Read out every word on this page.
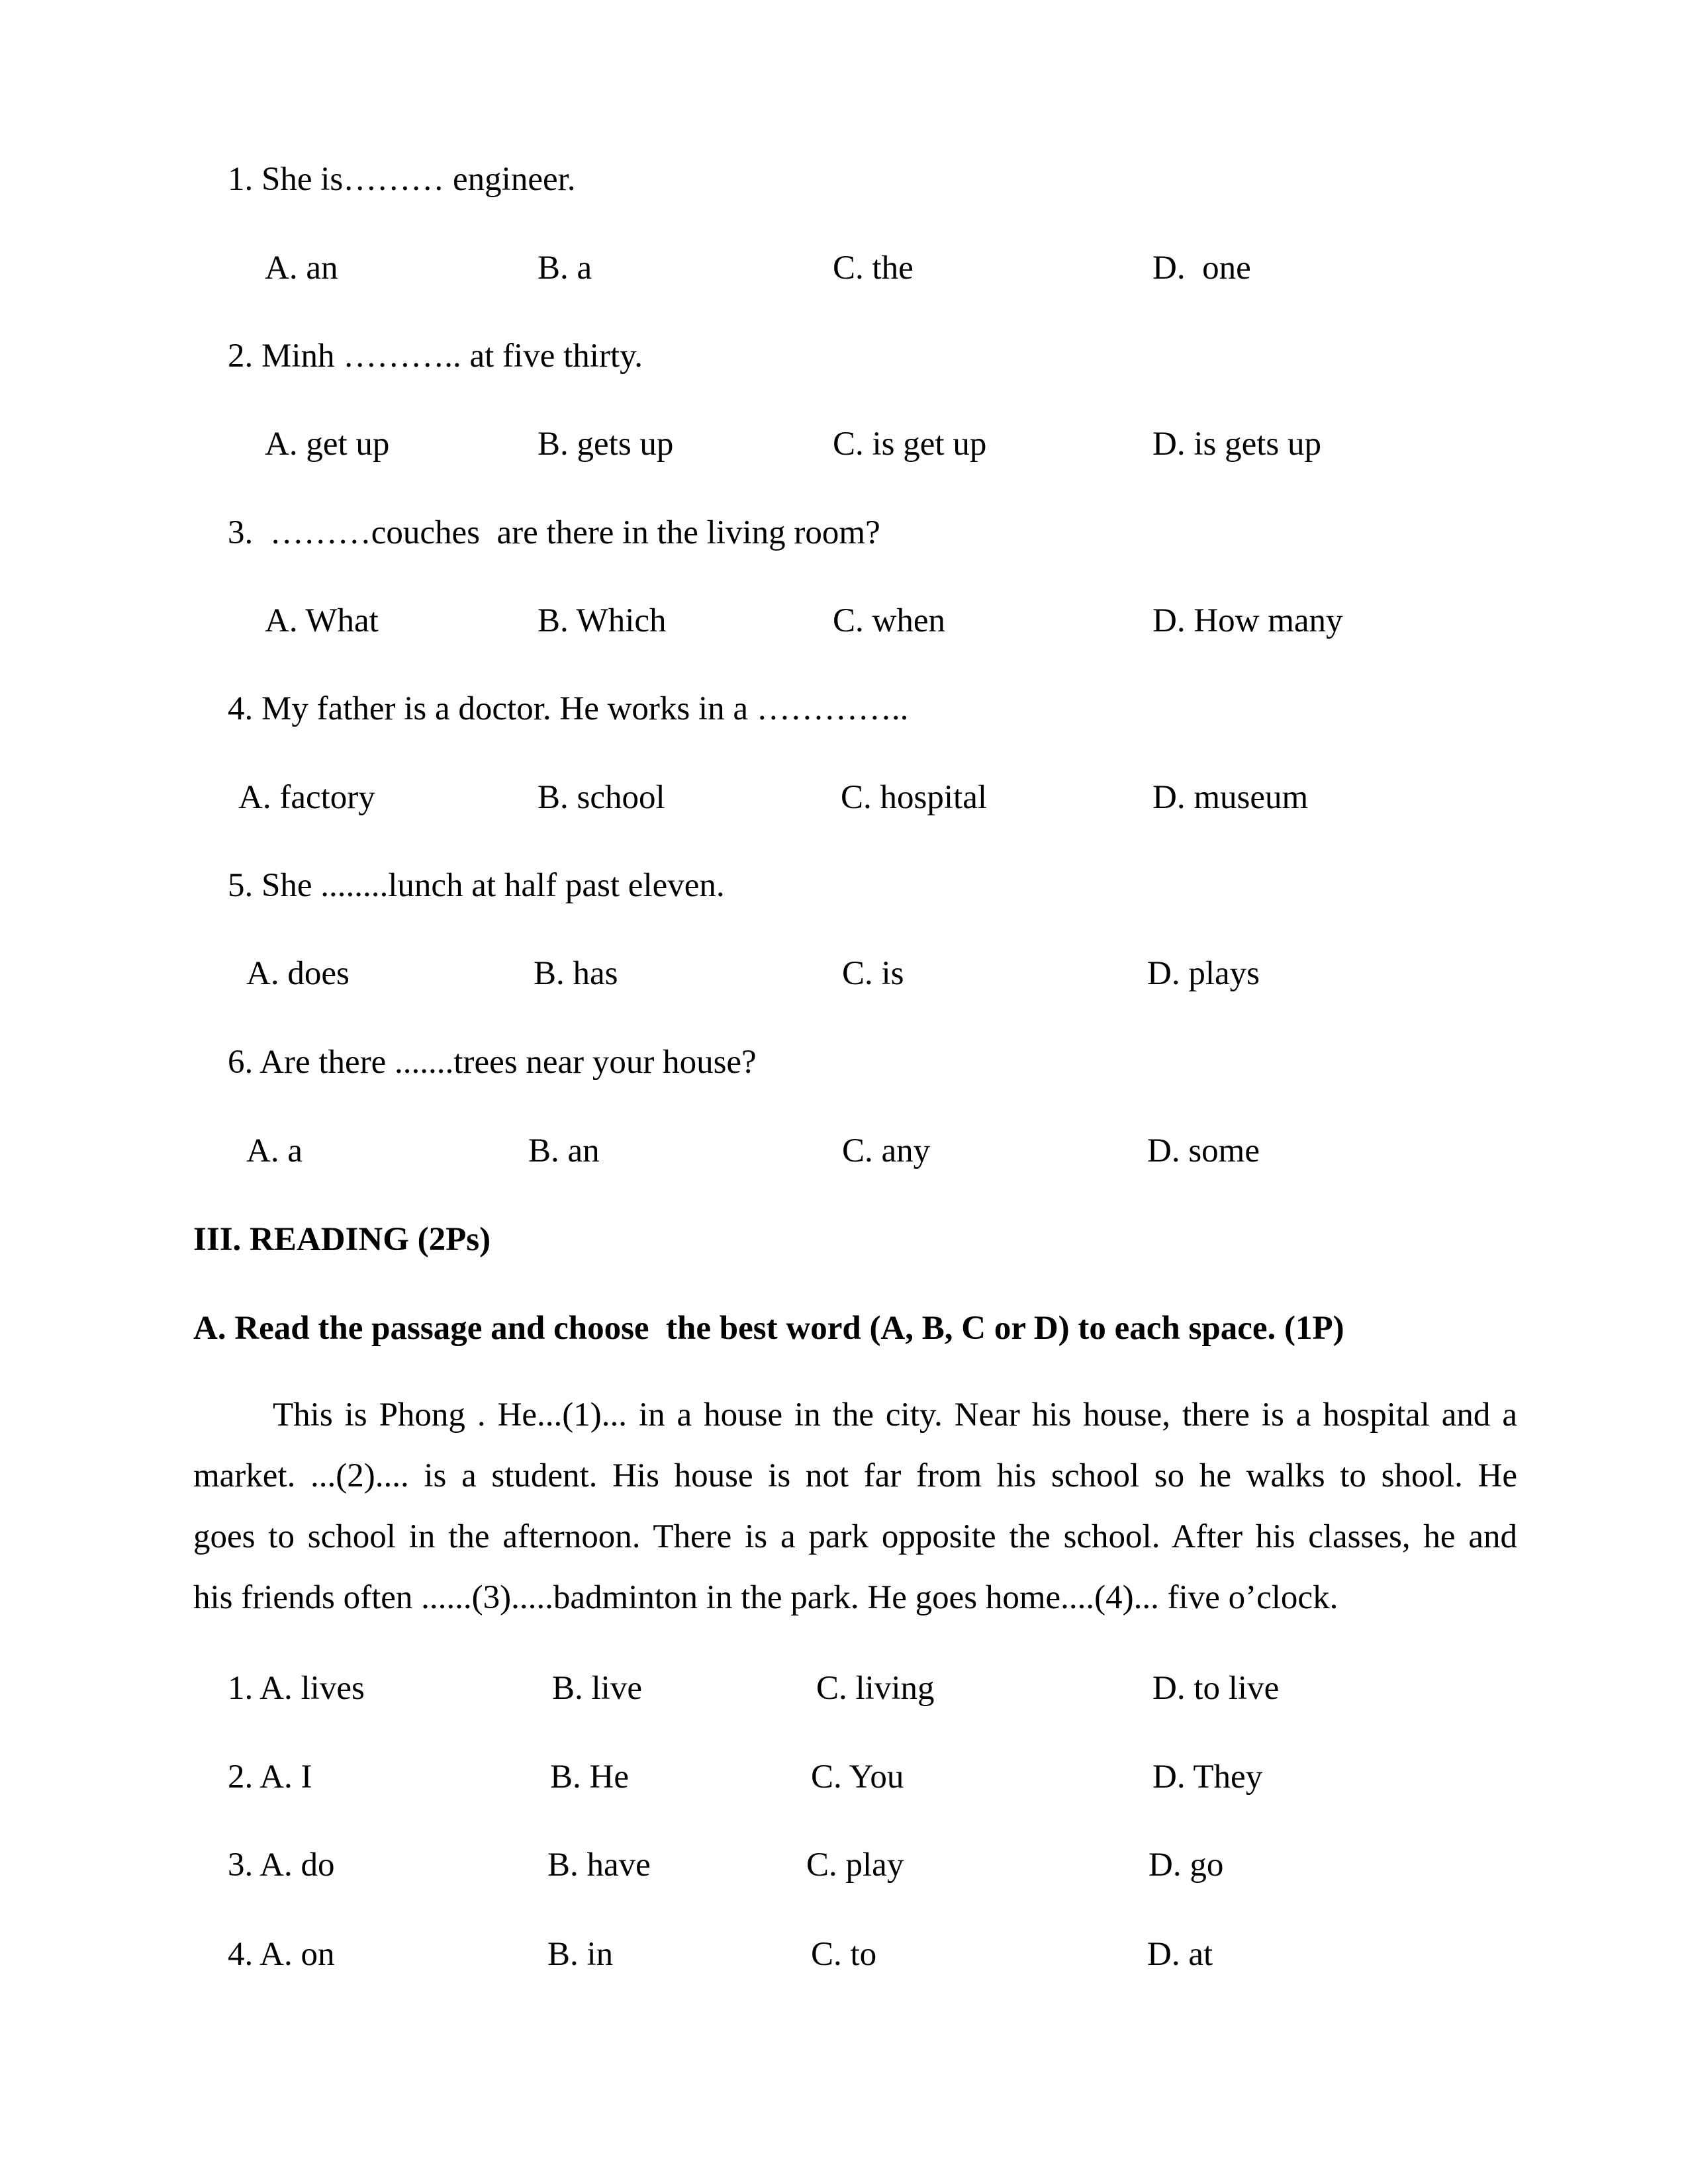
1. She is……… engineer.
A. an	B. a	C. the	D.  one
2. Minh ……….. at five thirty.
A. get up	B. gets up	C. is get up	D. is gets up
3.  ………couches  are there in the living room?
A. What	B. Which	C. when	D. How many
4. My father is a doctor. He works in a …………..
A. factory	B. school	C. hospital	D. museum
5. She ........lunch at half past eleven.
A. does	B. has	C. is	D. plays
6. Are there .......trees near your house?
A. a	B. an	C. any	D. some
III. READING (2Ps)
A. Read the passage and choose  the best word (A, B, C or D) to each space. (1P)
This is Phong . He...(1)... in a house in the city. Near his house, there is a hospital and a
market. ...(2).... is a student. His house is not far from his school so he walks to shool. He
goes to school in the afternoon. There is a park opposite the school. After his classes, he and
his friends often ......(3).....badminton in the park. He goes home....(4)... five o’clock.
1. A. lives	B. live	C. living	D. to live
2. A. I	B. He	C. You	D. They
3. A. do	B. have	C. play	D. go
4. A. on	B. in	C. to	D. at
